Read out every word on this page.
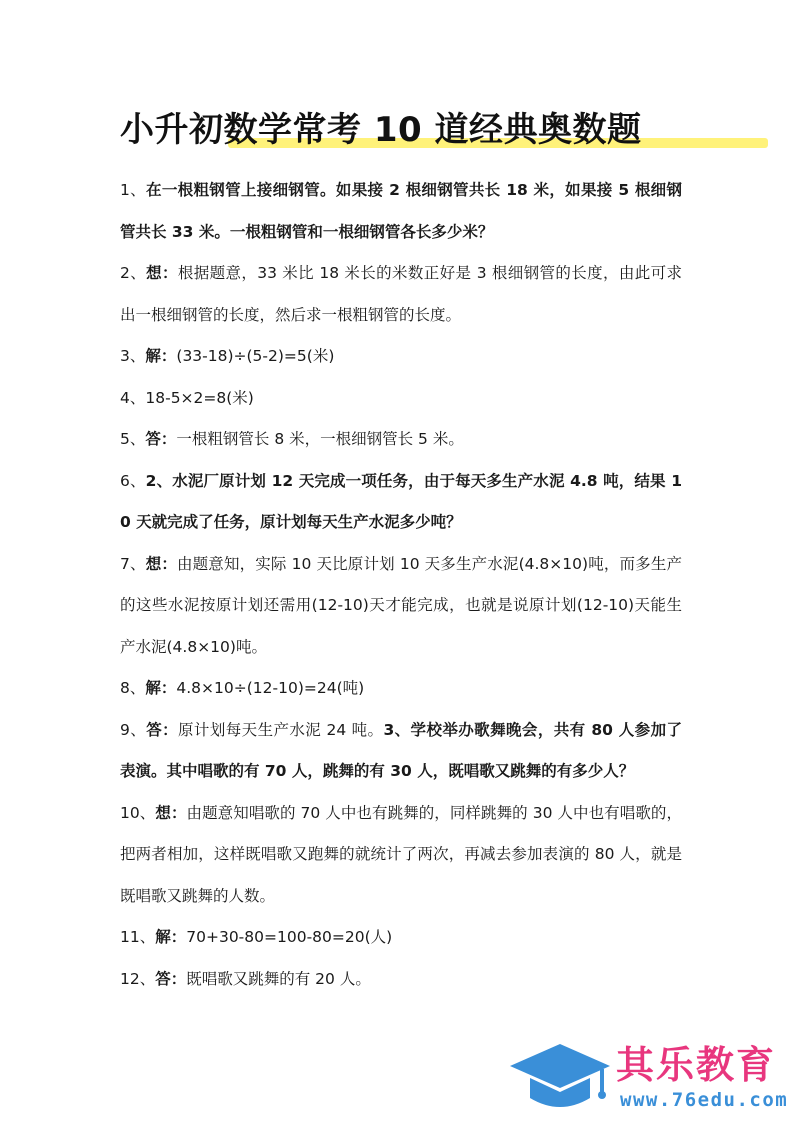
小升初数学常考 10 道经典奥数题

1、在一根粗钢管上接细钢管。如果接 2 根细钢管共长 18 米，如果接 5 根细钢管共长 33 米。一根粗钢管和一根细钢管各长多少米？

2、想：根据题意，33 米比 18 米长的米数正好是 3 根细钢管的长度，由此可求出一根细钢管的长度，然后求一根粗钢管的长度。

3、解：(33-18)÷(5-2)=5(米)

4、18-5×2=8(米)

5、答：一根粗钢管长 8 米，一根细钢管长 5 米。

6、2、水泥厂原计划 12 天完成一项任务，由于每天多生产水泥 4.8 吨，结果 10 天就完成了任务，原计划每天生产水泥多少吨？

7、想：由题意知，实际 10 天比原计划 10 天多生产水泥(4.8×10)吨，而多生产的这些水泥按原计划还需用(12-10)天才能完成，也就是说原计划(12-10)天能生产水泥(4.8×10)吨。

8、解：4.8×10÷(12-10)=24(吨)

9、答：原计划每天生产水泥 24 吨。3、学校举办歌舞晚会，共有 80 人参加了表演。其中唱歌的有 70 人，跳舞的有 30 人，既唱歌又跳舞的有多少人？

10、想：由题意知唱歌的 70 人中也有跳舞的，同样跳舞的 30 人中也有唱歌的，把两者相加，这样既唱歌又跑舞的就统计了两次，再减去参加表演的 80 人，就是既唱歌又跳舞的人数。

11、解：70+30-80=100-80=20(人)

12、答：既唱歌又跳舞的有 20 人。

其乐教育
www.76edu.com
